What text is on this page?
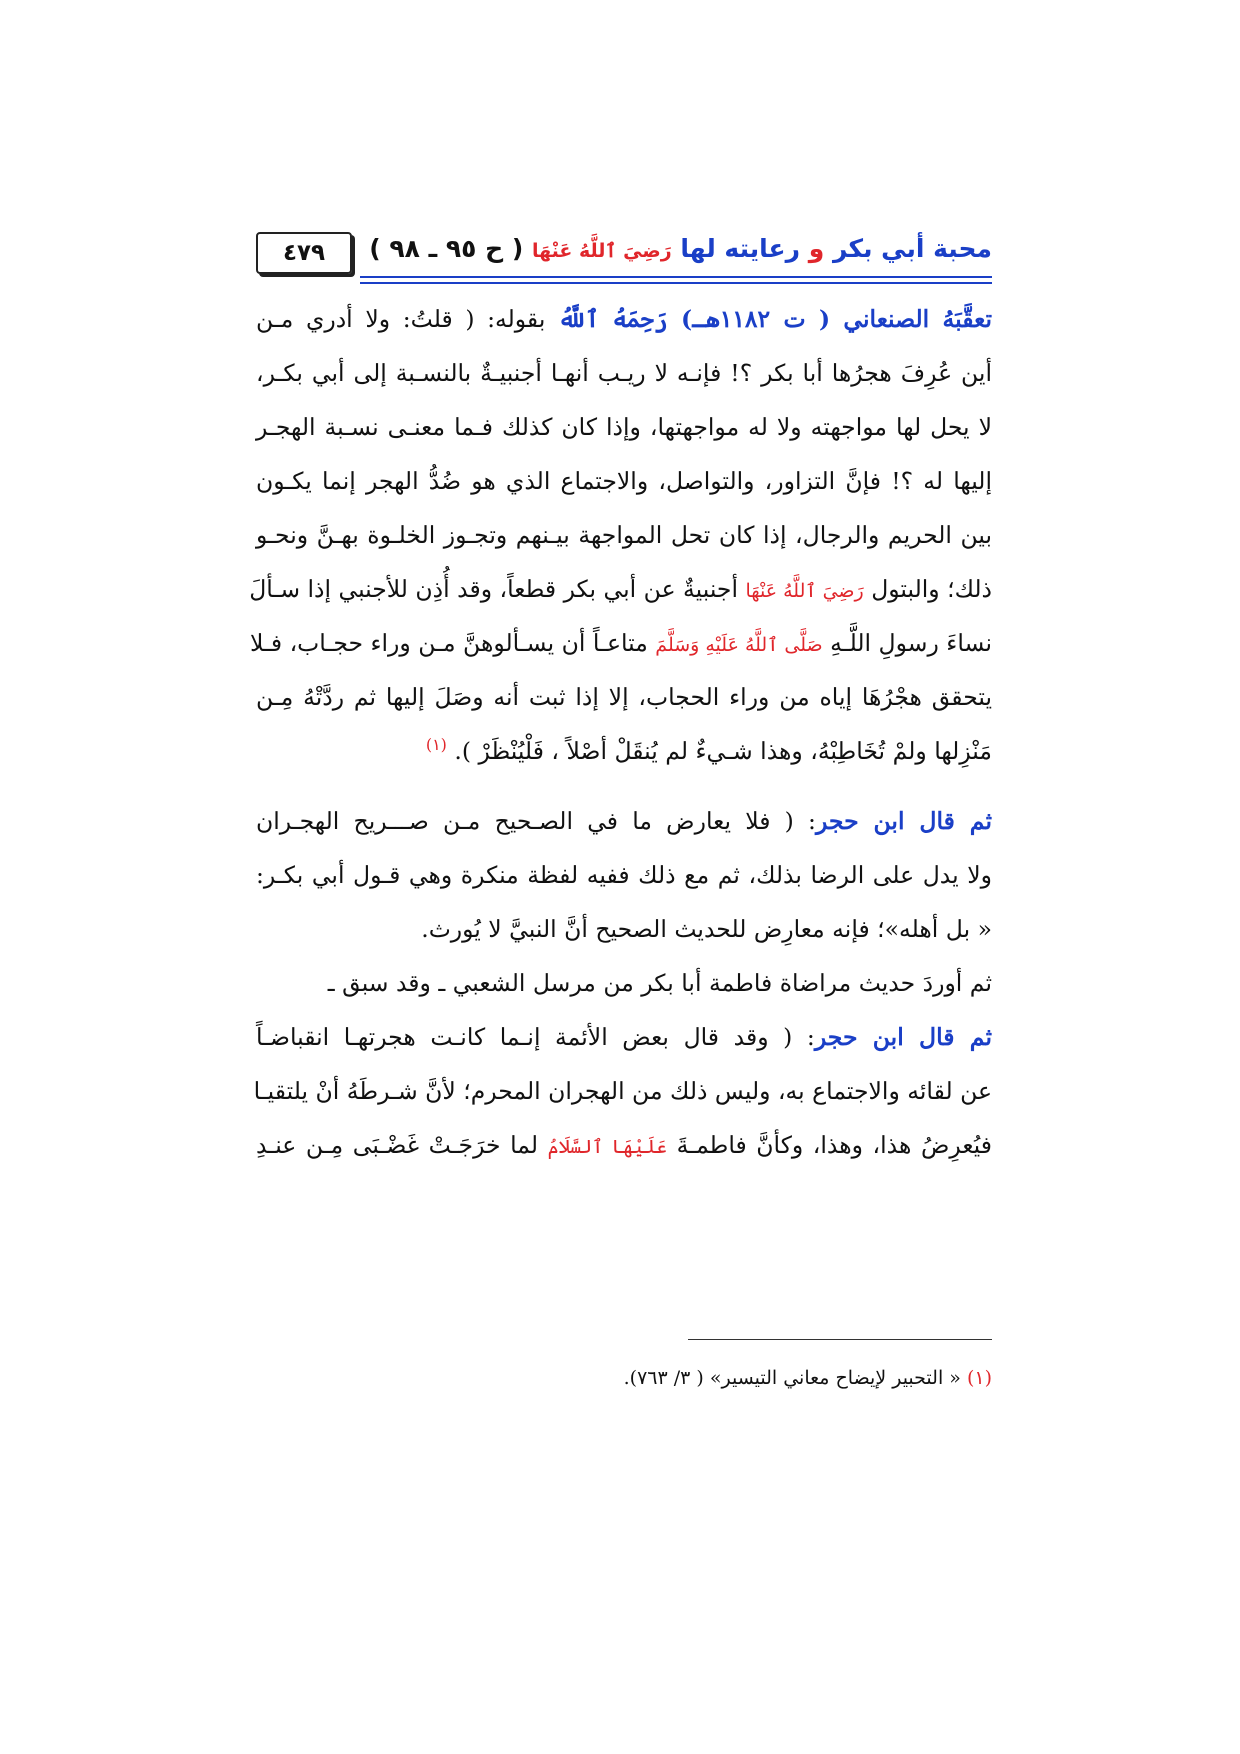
محبة أبي بكر و رعايته لها رَضِيَ ٱللَّهُ عَنْهَا ( ح ٩٥ ـ ٩٨ )
٤٧٩
تعقَّبَهُ الصنعاني ( ت ١١٨٢هـ) رَحِمَهُ ٱللَّهُ بقوله: ( قلتُ: ولا أدري مـن
أين عُرِفَ هجرُها أبا بكر ؟! فإنـه لا ريـب أنهـا أجنبيـةٌ بالنسـبة إلى أبي بكـر،
لا يحل لها مواجهته ولا له مواجهتها، وإذا كان كذلك فـما معنـى نسـبة الهجـر
إليها له ؟! فإنَّ التزاور، والتواصل، والاجتماع الذي هو ضُدُّ الهجر إنما يكـون
بين الحريم والرجال، إذا كان تحل المواجهة بيـنهم وتجـوز الخلـوة بهـنَّ ونحـو
ذلك؛ والبتول رَضِيَ ٱللَّهُ عَنْهَا أجنبيةٌ عن أبي بكر قطعاً، وقد أُذِن للأجنبي إذا سـألَ
نساءَ رسولِ اللَّـهِ صَلَّى ٱللَّهُ عَلَيْهِ وَسَلَّمَ متاعـاً أن يسـألوهنَّ مـن وراء حجـاب، فـلا
يتحقق هجْرُهَا إياه من وراء الحجاب، إلا إذا ثبت أنه وصَلَ إليها ثم ردَّتْهُ مِـن
مَنْزِلها ولمْ تُخَاطِبْهُ، وهذا شـيءٌ لم يُنقَلْ أصْلاً ، فَلْيُنْظَرْ ). $^{(١)}$
ثم قال ابن حجر: ( فلا يعارض ما في الصـحيح مـن صـــريح الهجـران
ولا يدل على الرضا بذلك، ثم مع ذلك ففيه لفظة منكرة وهي قـول أبي بكـر:
« بل أهله»؛ فإنه معارِض للحديث الصحيح أنَّ النبيَّ لا يُورث.
ثم أوردَ حديث مراضاة فاطمة أبا بكر من مرسل الشعبي ـ وقد سبق ـ
ثم قال ابن حجر: ( وقد قال بعض الأئمة إنـما كانـت هجرتهـا انقباضـاً
عن لقائه والاجتماع به، وليس ذلك من الهجران المحرم؛ لأنَّ شـرطَهُ أنْ يلتقيـا
فيُعرِضُ هذا، وهذا، وكأنَّ فاطمـةَ عَلَيْهَا ٱلسَّلَامُ لما خرَجَـتْ غَضْـبَى مِـن عنـدِ
(١) « التحبير لإيضاح معاني التيسير» ( ٣/ ٧٦٣).
